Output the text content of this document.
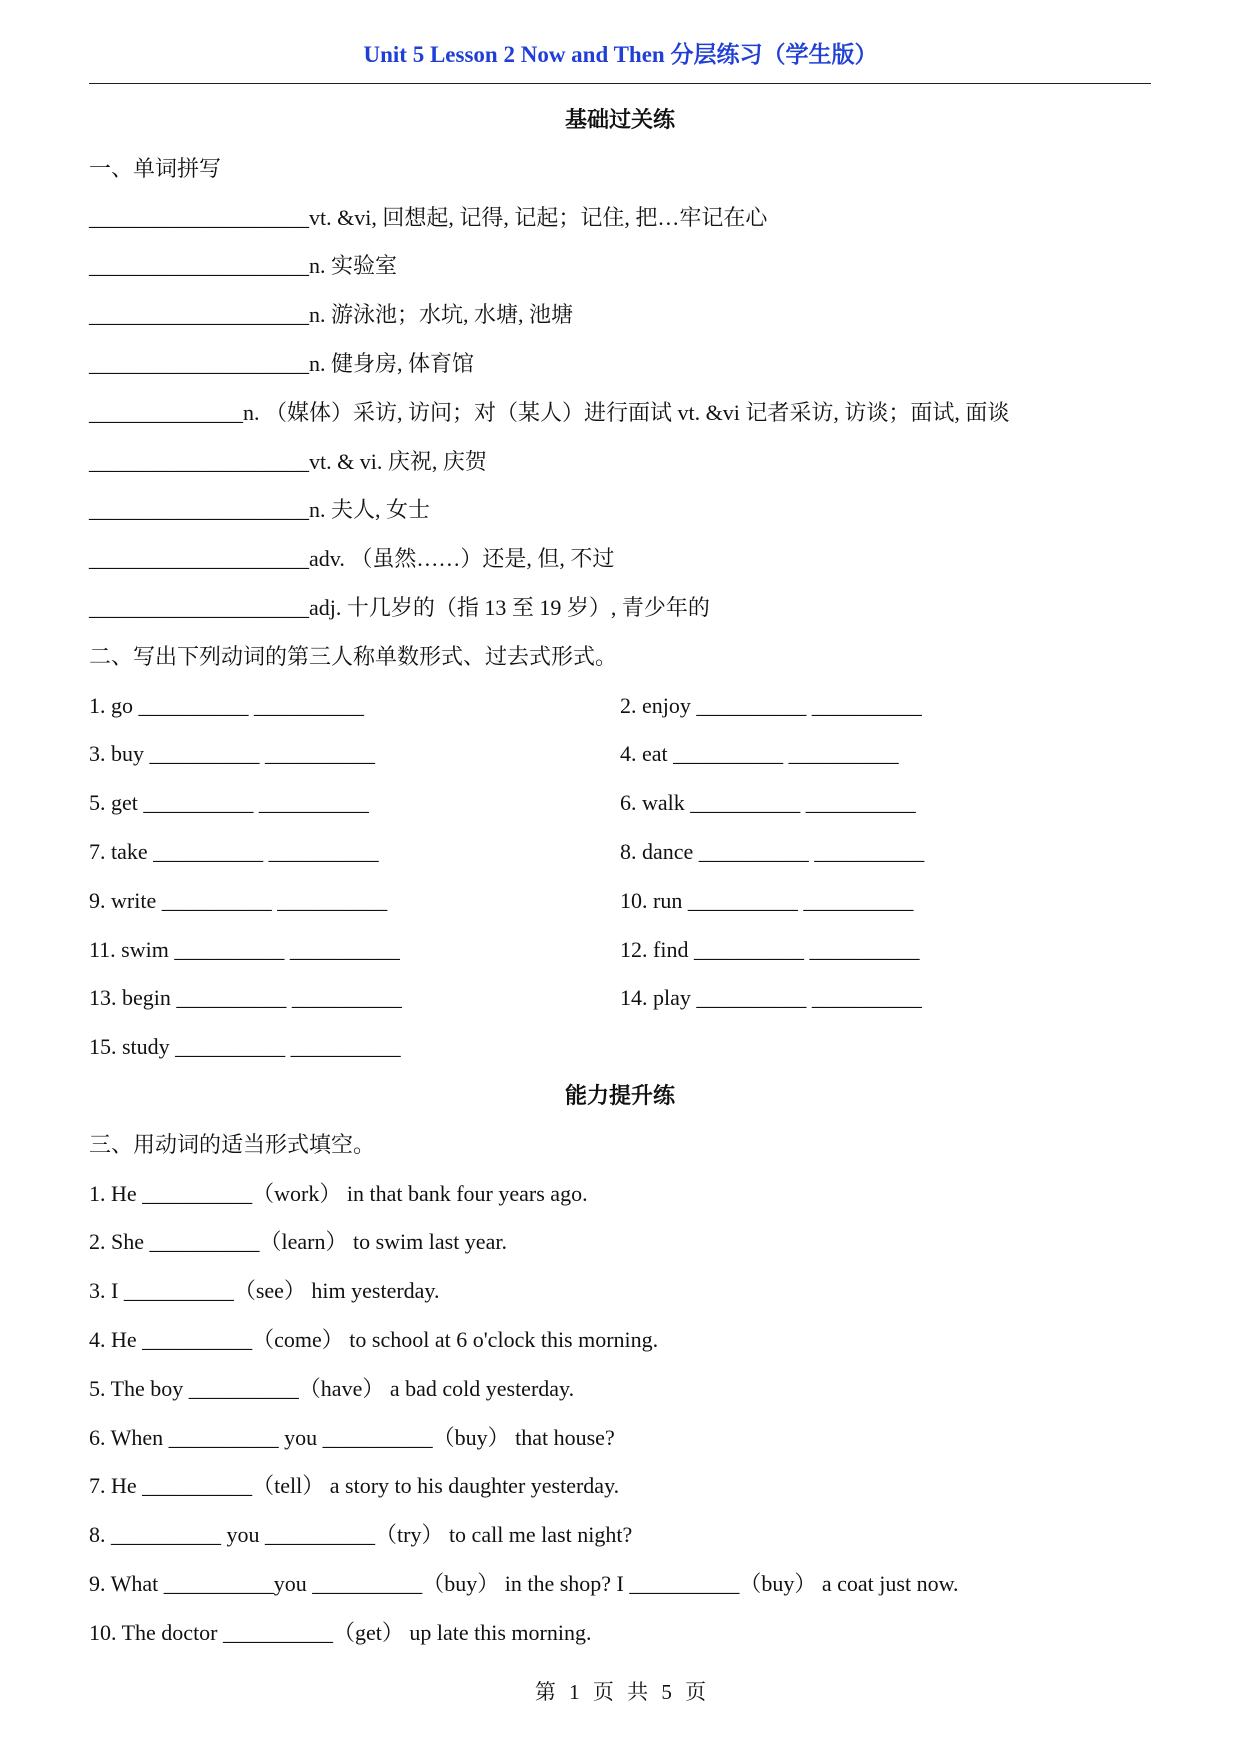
Unit 5 Lesson 2 Now and Then 分层练习（学生版）
基础过关练
一、单词拼写
____________________vt. &vi, 回想起, 记得, 记起；记住, 把…牢记在心
____________________n. 实验室
____________________n. 游泳池；水坑, 水塘, 池塘
____________________n. 健身房, 体育馆
______________n. （媒体）采访, 访问；对（某人）进行面试 vt. &vi 记者采访, 访谈；面试, 面谈
____________________vt. & vi. 庆祝, 庆贺
____________________n. 夫人, 女士
____________________adv. （虽然……）还是, 但, 不过
____________________adj. 十几岁的（指 13 至 19 岁）, 青少年的
二、写出下列动词的第三人称单数形式、过去式形式。
1. go __________ __________	2. enjoy __________ __________
3. buy __________ __________	4. eat __________ __________
5. get __________ __________	6. walk __________ __________
7. take __________ __________	8. dance __________ __________
9. write __________ __________	10. run __________ __________
11. swim __________ __________	12. find __________ __________
13. begin __________ __________	14. play __________ __________
15. study __________ __________
能力提升练
三、用动词的适当形式填空。
1. He __________（work） in that bank four years ago.
2. She __________（learn） to swim last year.
3. I __________（see） him yesterday.
4. He __________（come） to school at 6 o'clock this morning.
5. The boy __________（have） a bad cold yesterday.
6. When __________ you __________（buy） that house?
7. He __________（tell） a story to his daughter yesterday.
8. __________ you __________（try） to call me last night?
9. What __________you __________（buy） in the shop? I __________（buy） a coat just now.
10. The doctor __________（get） up late this morning.
第 1 页 共 5 页
